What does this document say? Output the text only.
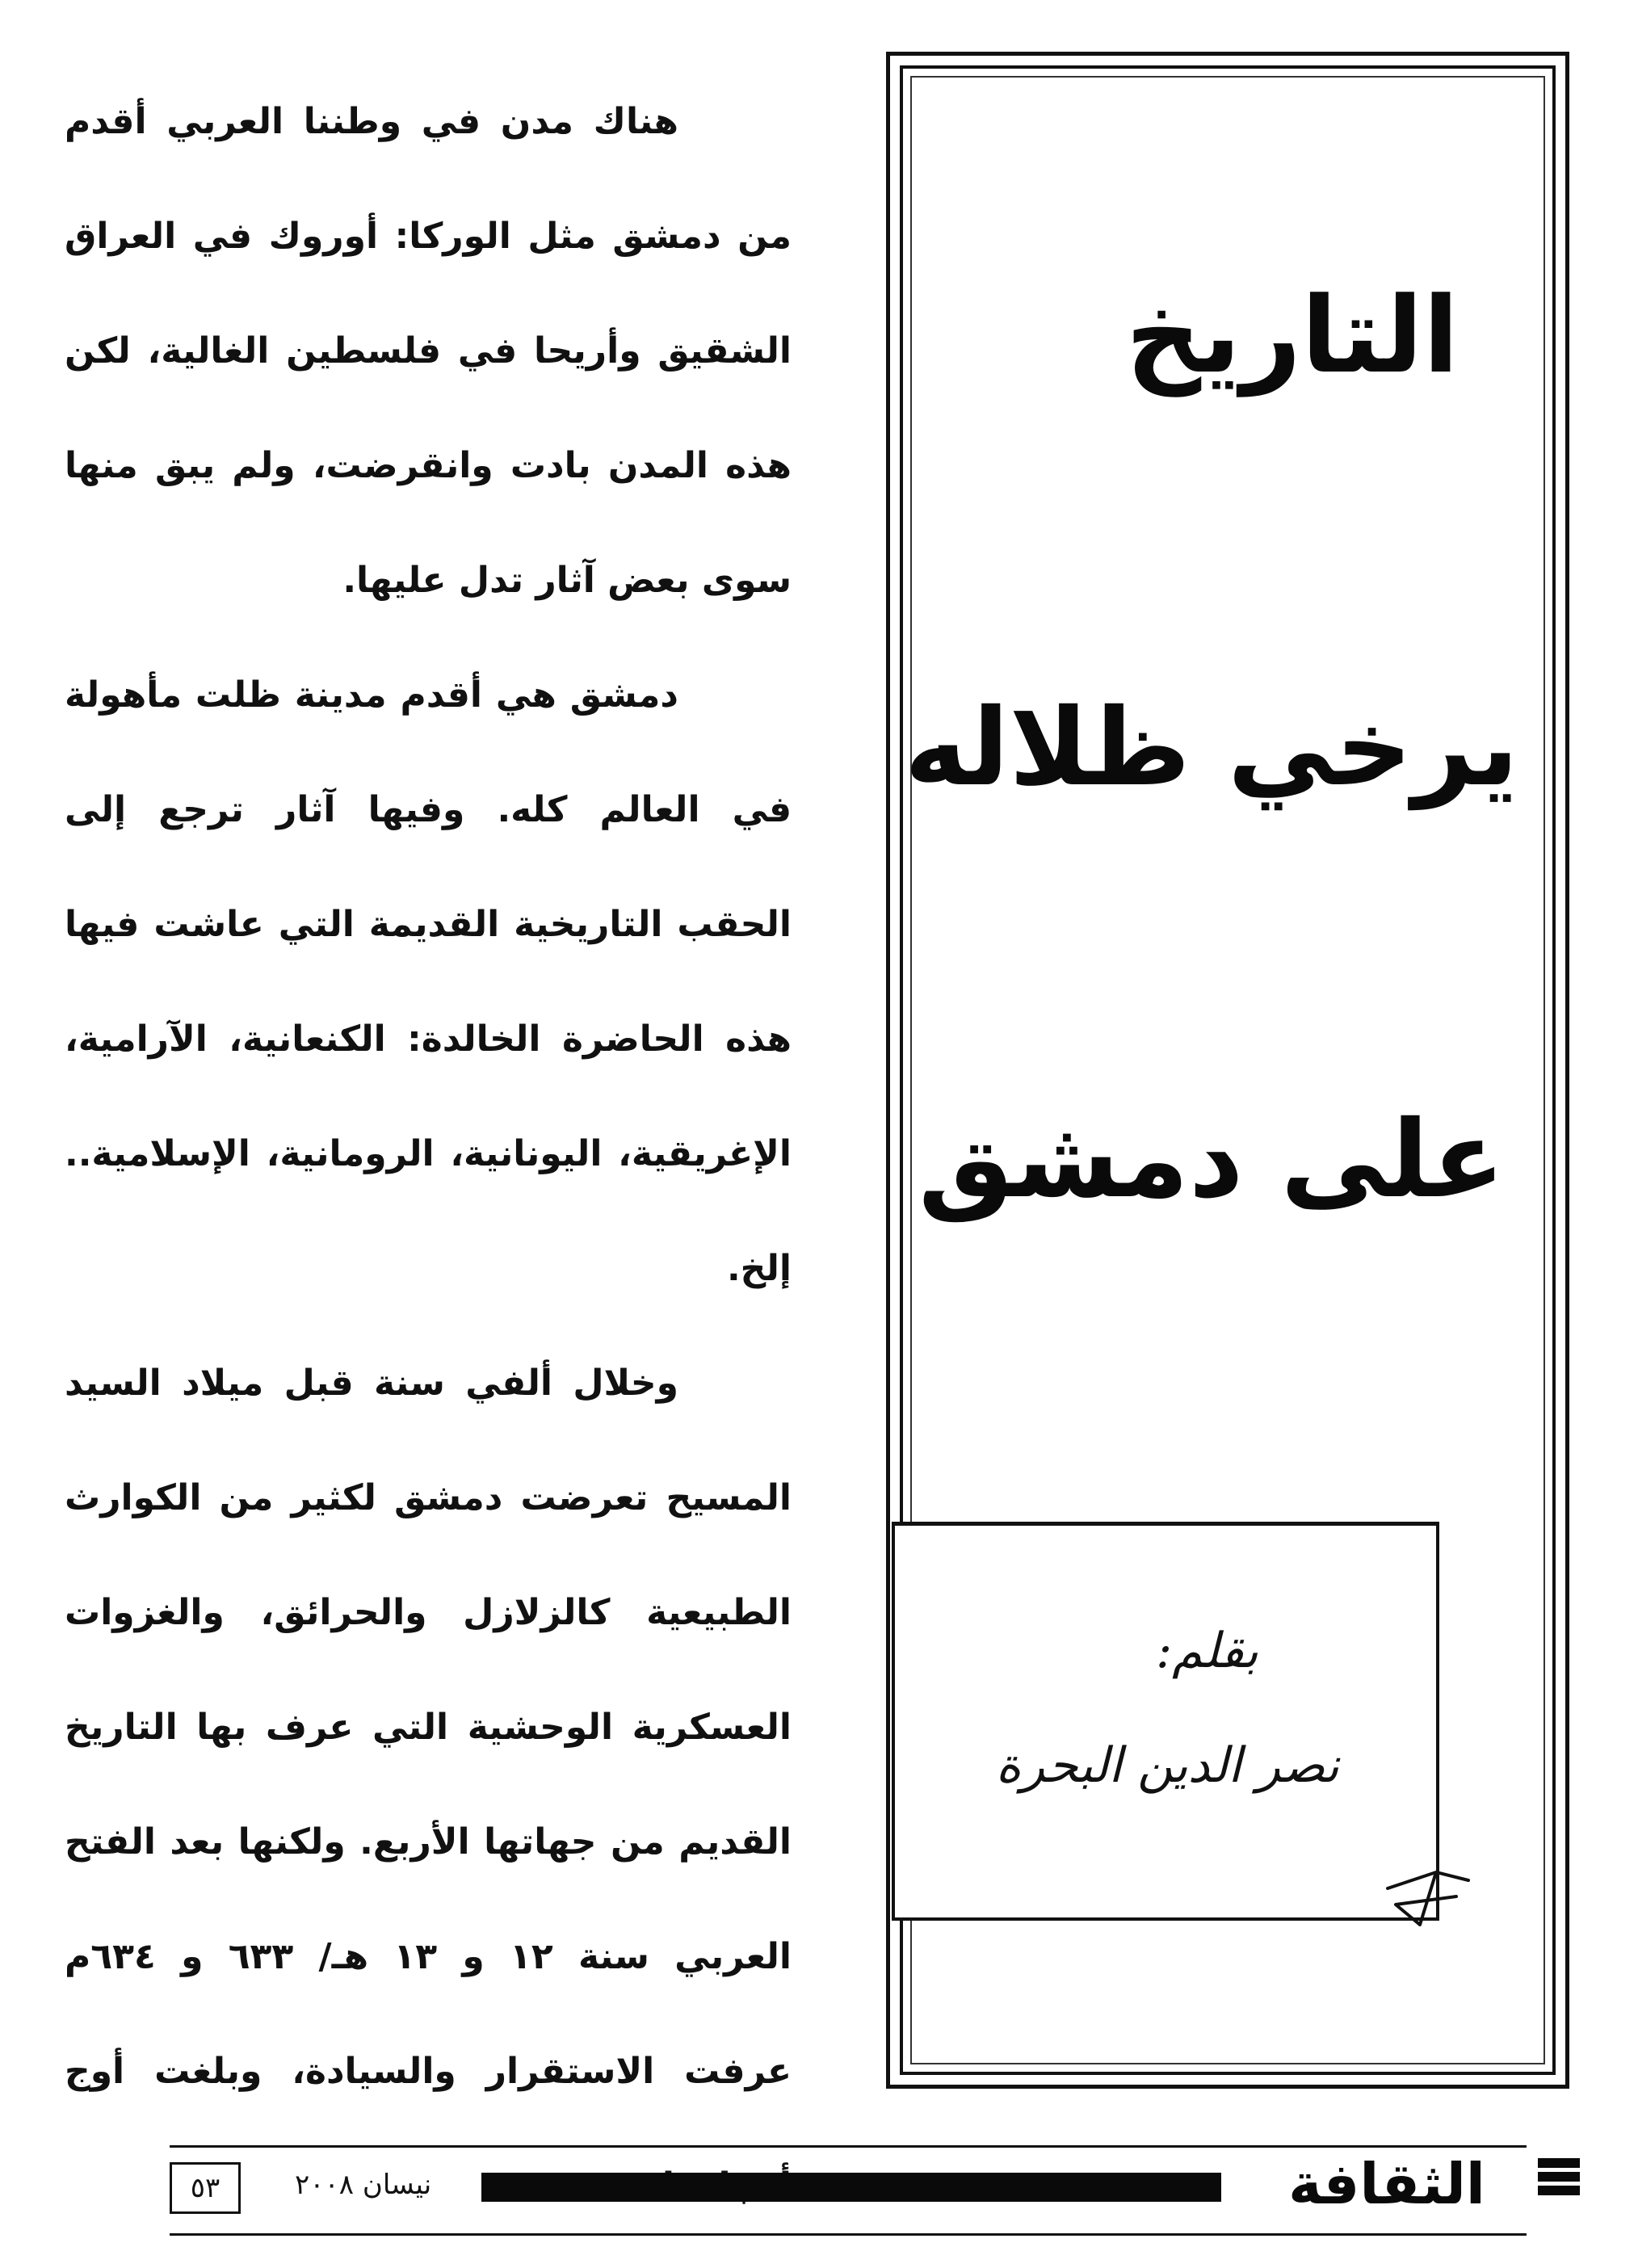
هناك مدن في وطننا العربي أقدم من دمشق مثل الوركا: أوروك في العراق الشقيق وأريحا في فلسطين الغالية، لكن هذه المدن بادت وانقرضت، ولم يبق منها سوى بعض آثار تدل عليها.

دمشق هي أقدم مدينة ظلت مأهولة في العالم كله. وفيها آثار ترجع إلى الحقب التاريخية القديمة التي عاشت فيها هذه الحاضرة الخالدة: الكنعانية، الآرامية، الإغريقية، اليونانية، الرومانية، الإسلامية.. إلخ.

وخلال ألفي سنة قبل ميلاد السيد المسيح تعرضت دمشق لكثير من الكوارث الطبيعية كالزلازل والحرائق، والغزوات العسكرية الوحشية التي عرف بها التاريخ القديم من جهاتها الأربع. ولكنها بعد الفتح العربي سنة ١٢ و ١٣ هـ/ ٦٣٣ و ٦٣٤م عرفت الاستقرار والسيادة، وبلغت أوج

التاريخ
يرخي ظلاله
على دمشق
بقلم:
نصر الدين البحرة
٥٣	نيسان ٢٠٠٨	الثقافة
